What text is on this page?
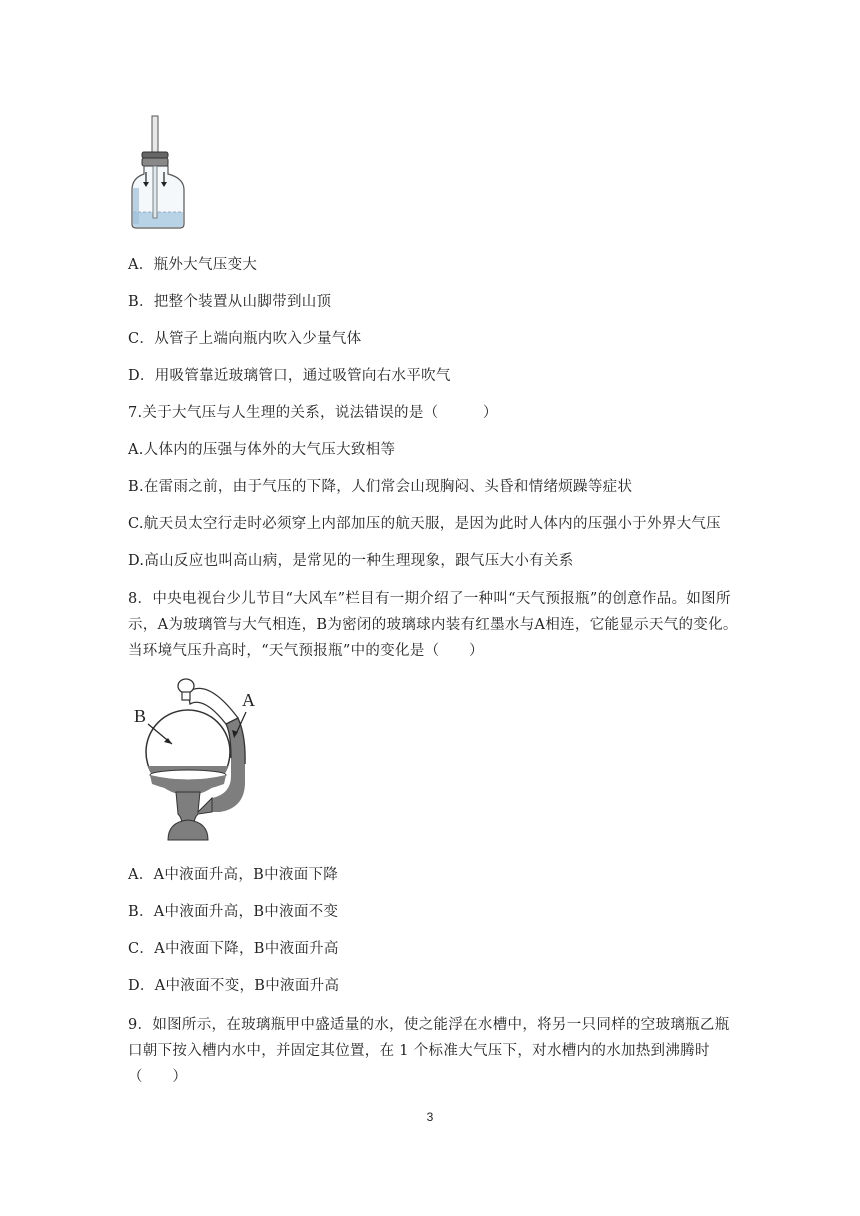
A．瓶外大气压变大
B．把整个装置从山脚带到山顶
C．从管子上端向瓶内吹入少量气体
D．用吸管靠近玻璃管口，通过吸管向右水平吹气
7.关于大气压与人生理的关系，说法错误的是（　　　）
A.人体内的压强与体外的大气压大致相等
B.在雷雨之前，由于气压的下降，人们常会山现胸闷、头昏和情绪烦躁等症状
C.航天员太空行走时必须穿上内部加压的航天服，是因为此时人体内的压强小于外界大气压
D.高山反应也叫高山病，是常见的一种生理现象，跟气压大小有关系
8．中央电视台少儿节目“大风车”栏目有一期介绍了一种叫“天气预报瓶”的创意作品。如图所示，A为玻璃管与大气相连，B为密闭的玻璃球内装有红墨水与A相连，它能显示天气的变化。当环境气压升高时，“天气预报瓶”中的变化是（　　）
B
A
A．A中液面升高，B中液面下降
B．A中液面升高，B中液面不变
C．A中液面下降，B中液面升高
D．A中液面不变，B中液面升高
9．如图所示，在玻璃瓶甲中盛适量的水，使之能浮在水槽中，将另一只同样的空玻璃瓶乙瓶口朝下按入槽内水中，并固定其位置，在 1 个标准大气压下，对水槽内的水加热到沸腾时（　　）
3
